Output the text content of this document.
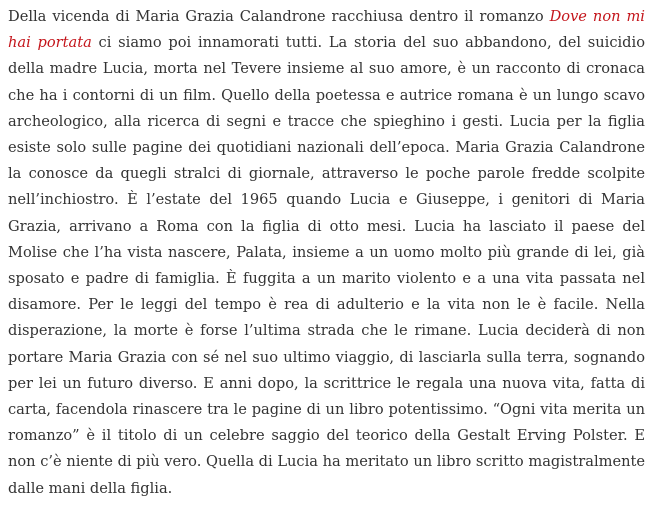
Della vicenda di Maria Grazia Calandrone racchiusa dentro il romanzo Dove non mi hai portata ci siamo poi innamorati tutti. La storia del suo abbandono, del suicidio della madre Lucia, morta nel Tevere insieme al suo amore, è un racconto di cronaca che ha i contorni di un film. Quello della poetessa e autrice romana è un lungo scavo archeologico, alla ricerca di segni e tracce che spieghino i gesti. Lucia per la figlia esiste solo sulle pagine dei quotidiani nazionali dell’epoca. Maria Grazia Calandrone la conosce da quegli stralci di giornale, attraverso le poche parole fredde scolpite nell’inchiostro. È l’estate del 1965 quando Lucia e Giuseppe, i genitori di Maria Grazia, arrivano a Roma con la figlia di otto mesi. Lucia ha lasciato il paese del Molise che l’ha vista nascere, Palata, insieme a un uomo molto più grande di lei, già sposato e padre di famiglia. È fuggita a un marito violento e a una vita passata nel disamore. Per le leggi del tempo è rea di adulterio e la vita non le è facile. Nella disperazione, la morte è forse l’ultima strada che le rimane. Lucia deciderà di non portare Maria Grazia con sé nel suo ultimo viaggio, di lasciarla sulla terra, sognando per lei un futuro diverso. E anni dopo, la scrittrice le regala una nuova vita, fatta di carta, facendola rinascere tra le pagine di un libro potentissimo. “Ogni vita merita un romanzo” è il titolo di un celebre saggio del teorico della Gestalt Erving Polster. E non c’è niente di più vero. Quella di Lucia ha meritato un libro scritto magistralmente dalle mani della figlia.
